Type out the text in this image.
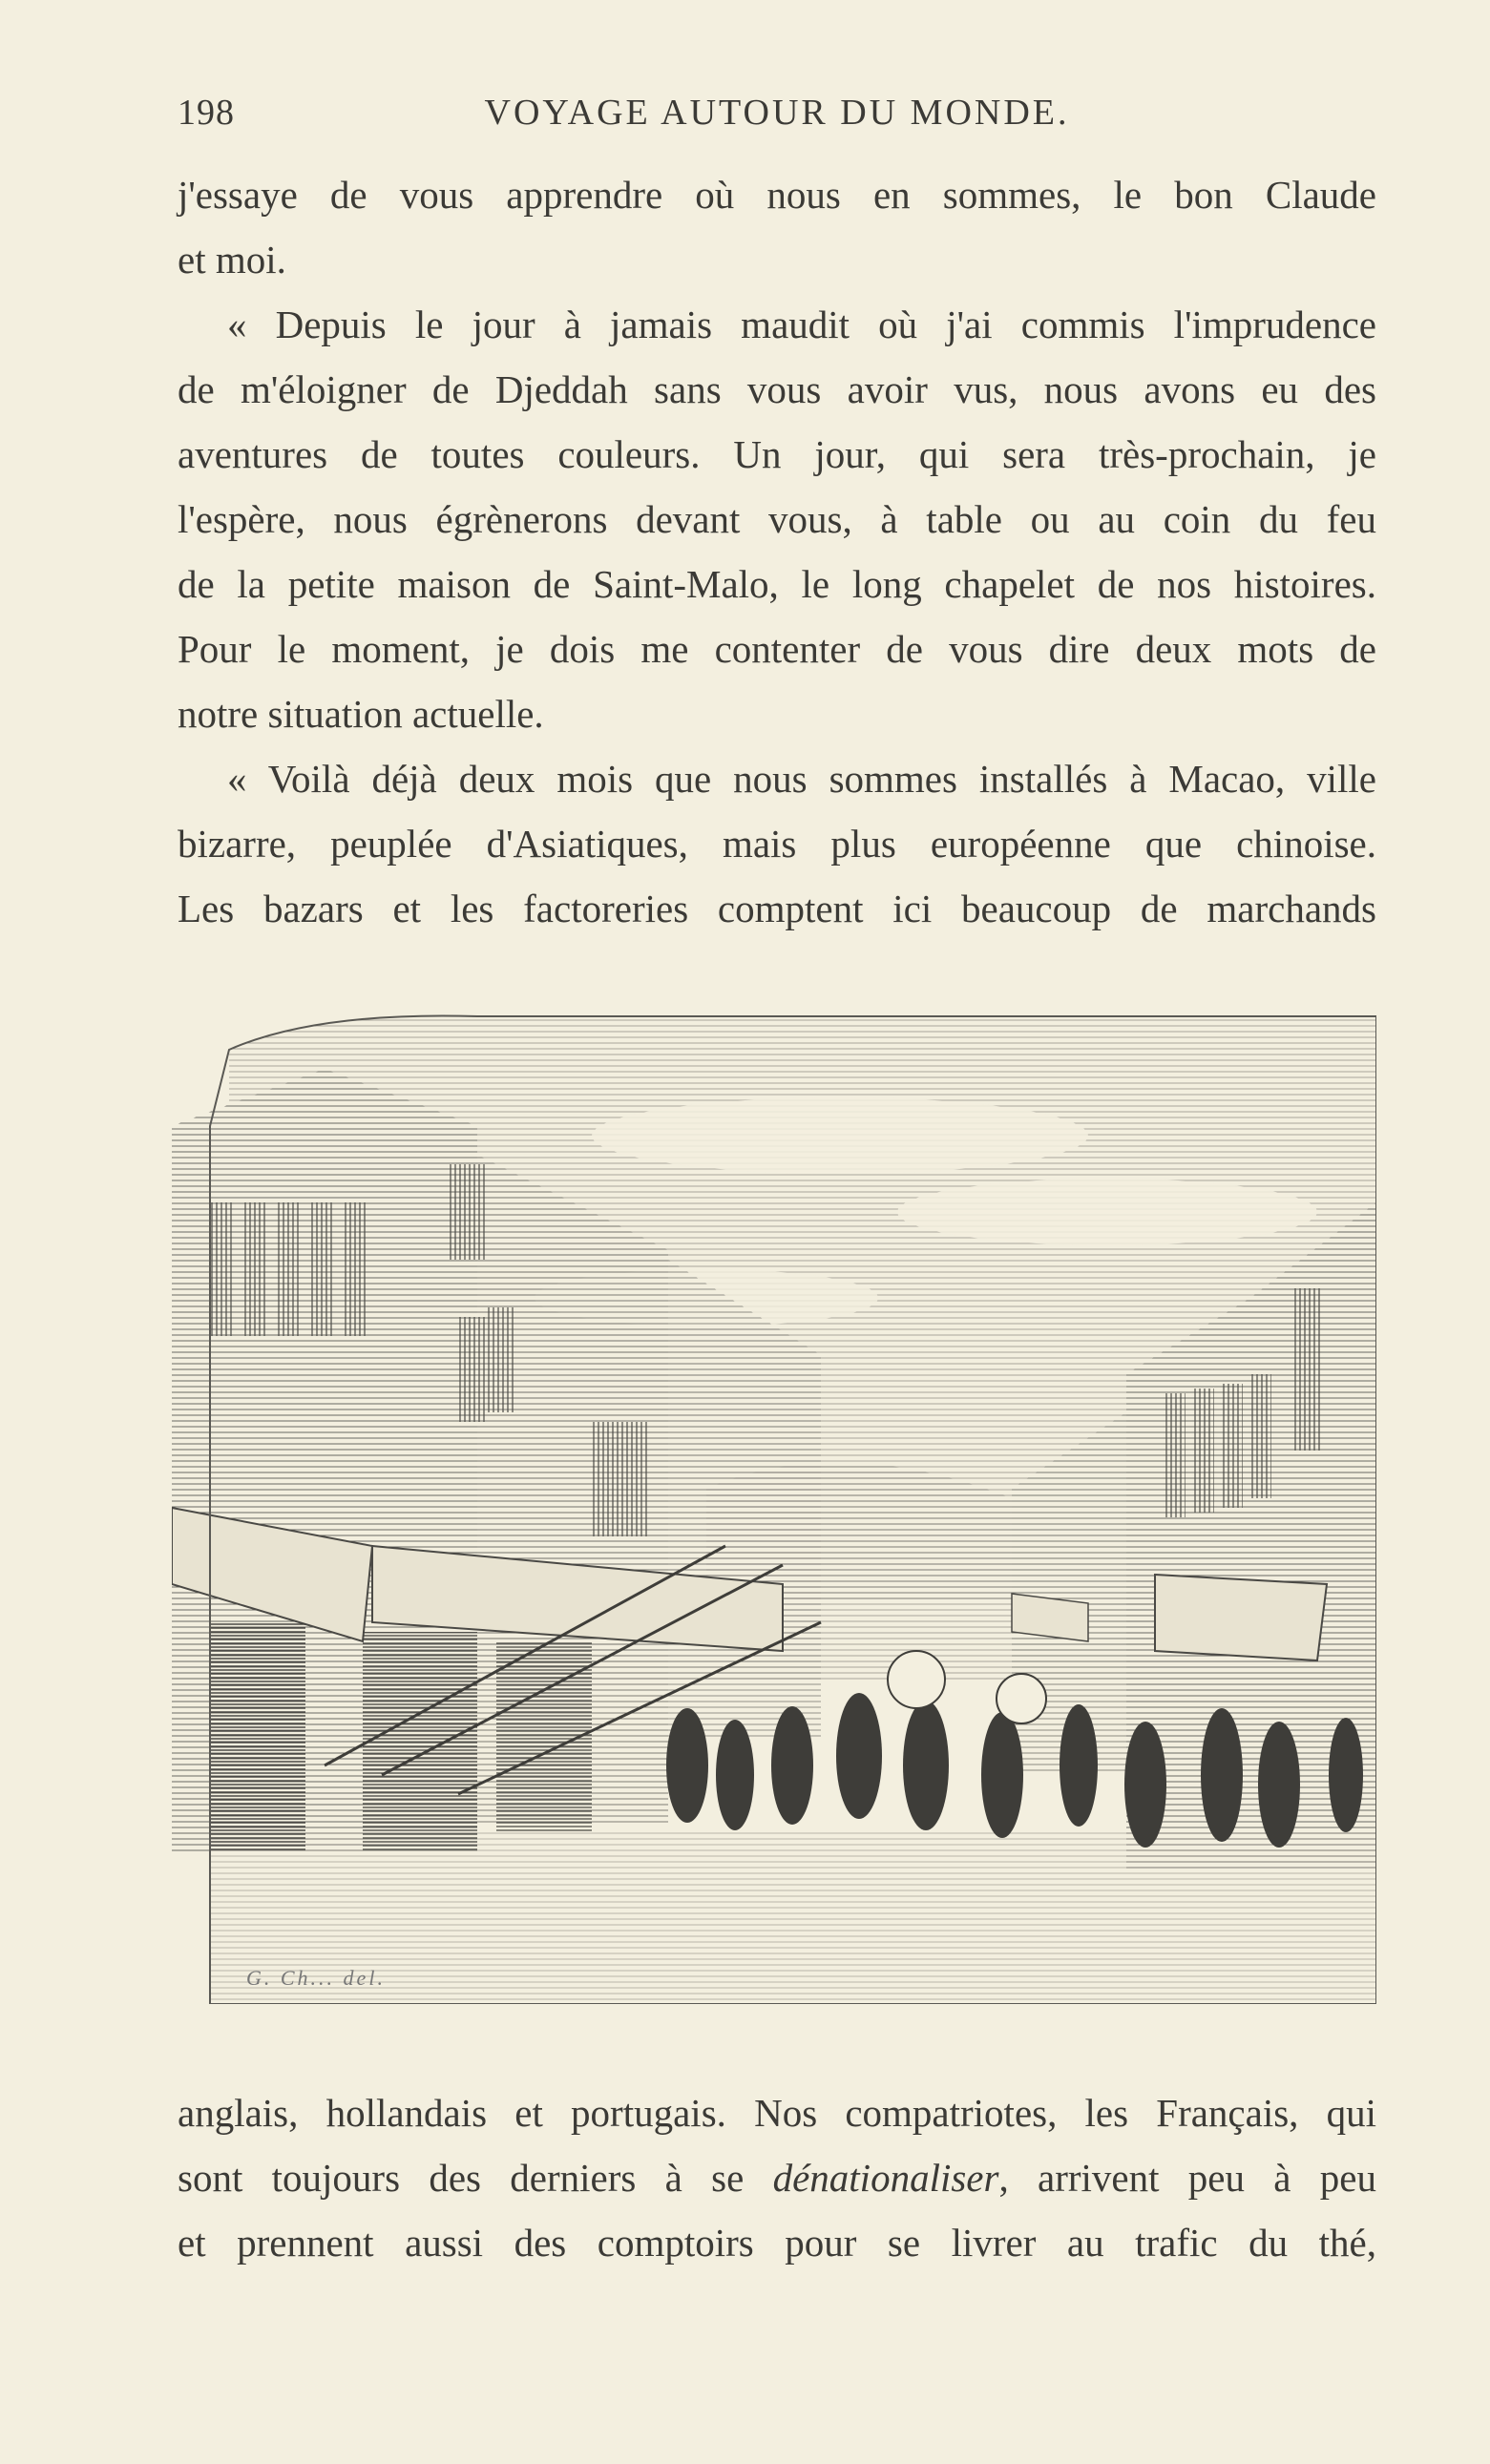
198	VOYAGE AUTOUR DU MONDE.
j'essaye de vous apprendre où nous en sommes, le bon Claude
et moi.
« Depuis le jour à jamais maudit où j'ai commis l'imprudence
de m'éloigner de Djeddah sans vous avoir vus, nous avons eu des
aventures de toutes couleurs. Un jour, qui sera très-prochain, je
l'espère, nous égrènerons devant vous, à table ou au coin du feu
de la petite maison de Saint-Malo, le long chapelet de nos histoires.
Pour le moment, je dois me contenter de vous dire deux mots de
notre situation actuelle.
« Voilà déjà deux mois que nous sommes installés à Macao, ville
bizarre, peuplée d'Asiatiques, mais plus européenne que chinoise.
Les bazars et les factoreries comptent ici beaucoup de marchands
G. Ch... del.
anglais, hollandais et portugais. Nos compatriotes, les Français, qui
sont toujours des derniers à se dénationaliser, arrivent peu à peu
et prennent aussi des comptoirs pour se livrer au trafic du thé,
